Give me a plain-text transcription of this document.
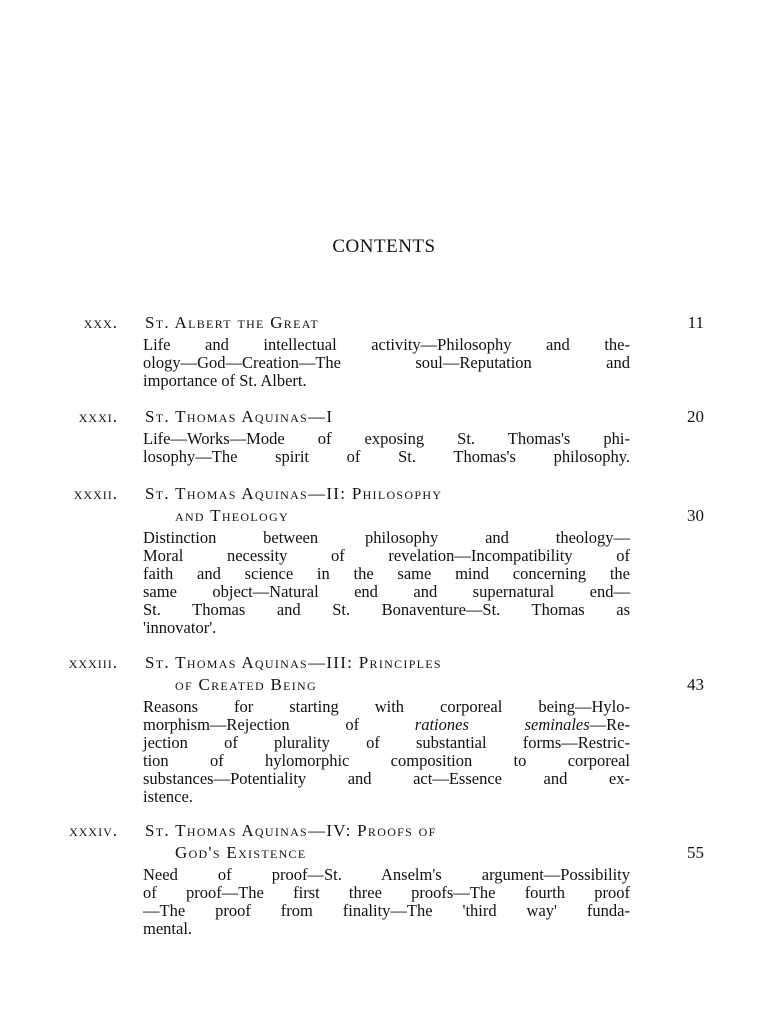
CONTENTS
xxx. St. Albert the Great	11
Life and intellectual activity—Philosophy and the-
ology—God—Creation—The soul—Reputation and
importance of St. Albert.
xxxi. St. Thomas Aquinas—I	20
Life—Works—Mode of exposing St. Thomas's phi-
losophy—The spirit of St. Thomas's philosophy.
xxxii. St. Thomas Aquinas—II: Philosophy
and Theology	30
Distinction between philosophy and theology—
Moral necessity of revelation—Incompatibility of
faith and science in the same mind concerning the
same object—Natural end and supernatural end—
St. Thomas and St. Bonaventure—St. Thomas as
'innovator'.
xxxiii. St. Thomas Aquinas—III: Principles
of Created Being	43
Reasons for starting with corporeal being—Hylo-
morphism—Rejection of rationes seminales—Re-
jection of plurality of substantial forms—Restric-
tion of hylomorphic composition to corporeal
substances—Potentiality and act—Essence and ex-
istence.
xxxiv. St. Thomas Aquinas—IV: Proofs of
God's Existence	55
Need of proof—St. Anselm's argument—Possibility
of proof—The first three proofs—The fourth proof
—The proof from finality—The 'third way' funda-
mental.
